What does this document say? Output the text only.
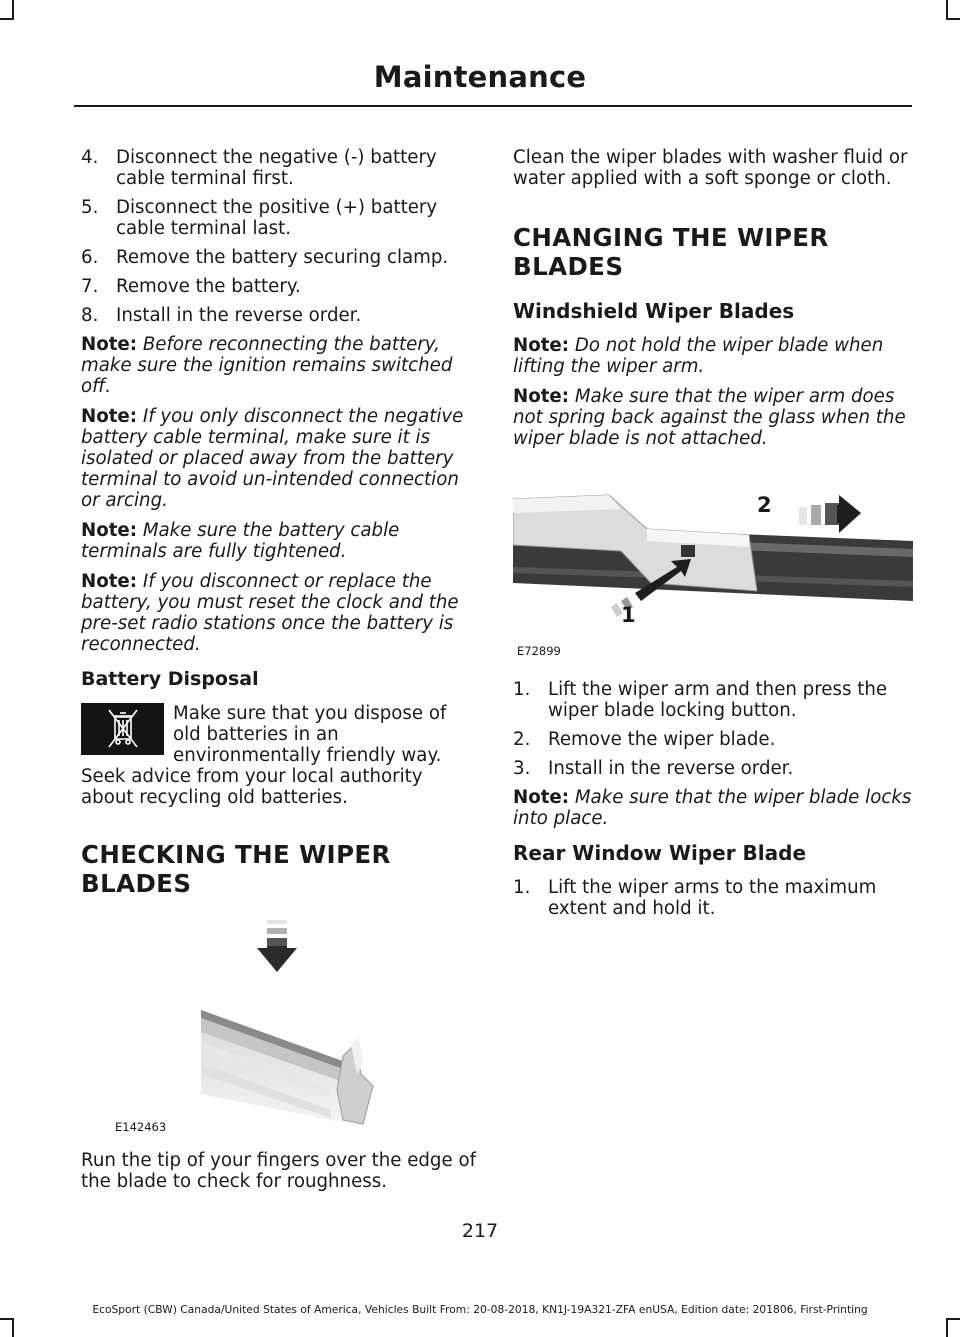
Maintenance
4. Disconnect the negative (-) battery cable terminal first.
5. Disconnect the positive (+) battery cable terminal last.
6. Remove the battery securing clamp.
7. Remove the battery.
8. Install in the reverse order.

Note: Before reconnecting the battery, make sure the ignition remains switched off.

Note: If you only disconnect the negative battery cable terminal, make sure it is isolated or placed away from the battery terminal to avoid un-intended connection or arcing.

Note: Make sure the battery cable terminals are fully tightened.

Note: If you disconnect or replace the battery, you must reset the clock and the pre-set radio stations once the battery is reconnected.

Battery Disposal

Make sure that you dispose of old batteries in an environmentally friendly way. Seek advice from your local authority about recycling old batteries.

CHECKING THE WIPER BLADES
E142463

Run the tip of your fingers over the edge of the blade to check for roughness.

Clean the wiper blades with washer fluid or water applied with a soft sponge or cloth.

CHANGING THE WIPER BLADES
Windshield Wiper Blades

Note: Do not hold the wiper blade when lifting the wiper arm.

Note: Make sure that the wiper arm does not spring back against the glass when the wiper blade is not attached.

2
1
E72899
1. Lift the wiper arm and then press the wiper blade locking button.
2. Remove the wiper blade.
3. Install in the reverse order.

Note: Make sure that the wiper blade locks into place.

Rear Window Wiper Blade
1. Lift the wiper arms to the maximum extent and hold it.
217
EcoSport (CBW) Canada/United States of America, Vehicles Built From: 20-08-2018, KN1J-19A321-ZFA enUSA, Edition date: 201806, First-Printing
